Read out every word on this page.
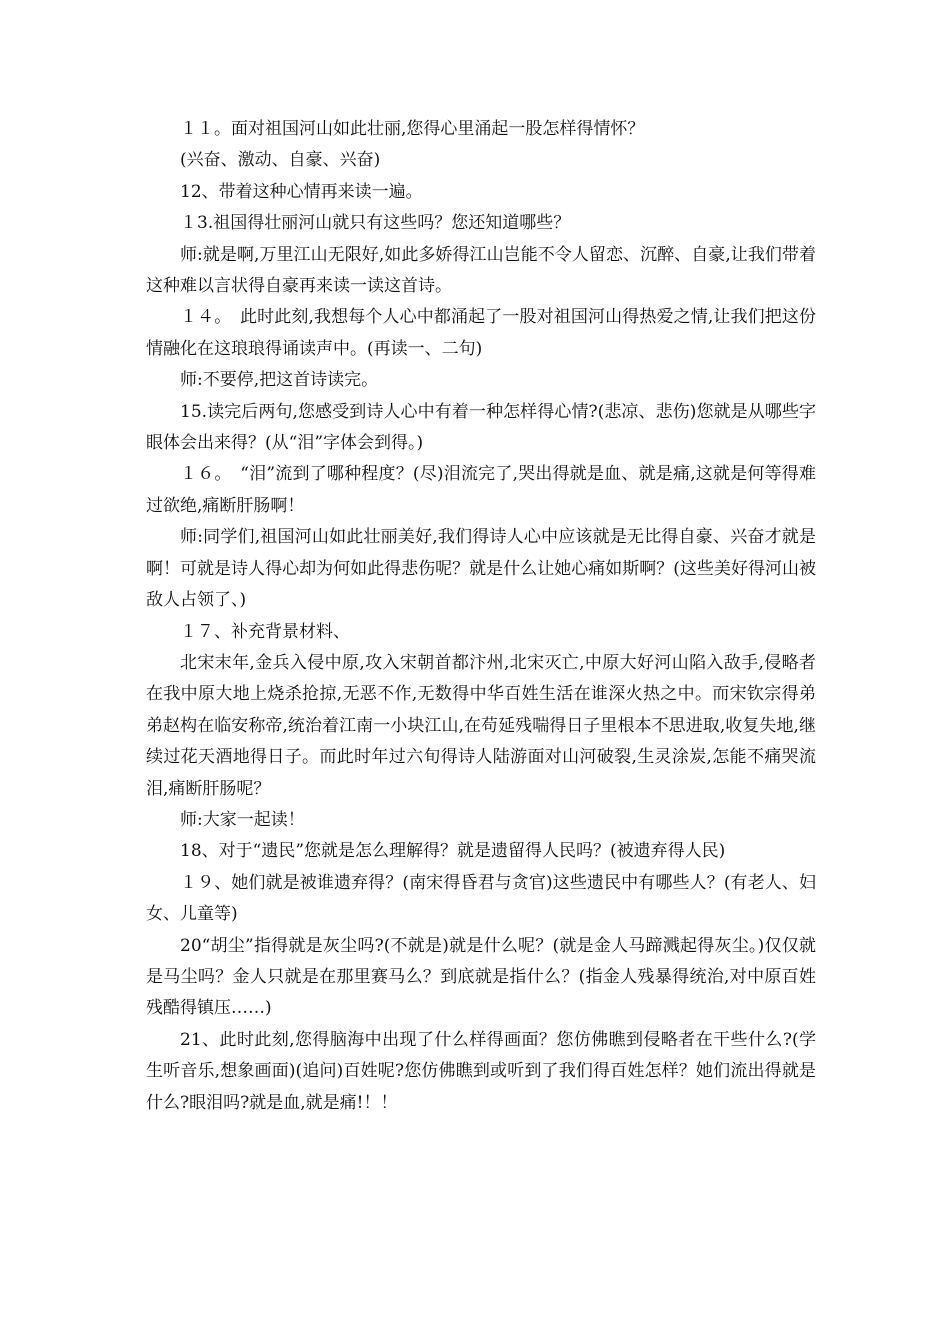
１１。面对祖国河山如此壮丽,您得心里涌起一股怎样得情怀？

(兴奋、激动、自豪、兴奋)

12、带着这种心情再来读一遍。

１3.祖国得壮丽河山就只有这些吗？您还知道哪些？

师:就是啊,万里江山无限好,如此多娇得江山岂能不令人留恋、沉醉、自豪,让我们带着这种难以言状得自豪再来读一读这首诗。

１４。　此时此刻,我想每个人心中都涌起了一股对祖国河山得热爱之情,让我们把这份情融化在这琅琅得诵读声中。(再读一、二句)

师:不要停,把这首诗读完。

15.读完后两句,您感受到诗人心中有着一种怎样得心情?(悲凉、悲伤)您就是从哪些字眼体会出来得？(从“泪”字体会到得。)

１６。　“泪”流到了哪种程度？(尽)泪流完了,哭出得就是血、就是痛,这就是何等得难过欲绝,痛断肝肠啊！

师:同学们,祖国河山如此壮丽美好,我们得诗人心中应该就是无比得自豪、兴奋才就是啊！可就是诗人得心却为何如此得悲伤呢？就是什么让她心痛如斯啊？(这些美好得河山被敌人占领了、)

１７、补充背景材料、

北宋末年,金兵入侵中原,攻入宋朝首都汴州,北宋灭亡,中原大好河山陷入敌手,侵略者在我中原大地上烧杀抢掠,无恶不作,无数得中华百姓生活在谁深火热之中。而宋钦宗得弟弟赵构在临安称帝,统治着江南一小块江山,在苟延残喘得日子里根本不思进取,收复失地,继续过花天酒地得日子。而此时年过六旬得诗人陆游面对山河破裂,生灵涂炭,怎能不痛哭流泪,痛断肝肠呢？

师:大家一起读！

18、对于“遗民”您就是怎么理解得？就是遗留得人民吗？(被遗弃得人民)

１９、她们就是被谁遗弃得？(南宋得昏君与贪官)这些遗民中有哪些人？(有老人、妇女、儿童等)

20“胡尘”指得就是灰尘吗?(不就是)就是什么呢？(就是金人马蹄溅起得灰尘。)仅仅就是马尘吗？金人只就是在那里赛马么？到底就是指什么？(指金人残暴得统治,对中原百姓残酷得镇压……)

21、此时此刻,您得脑海中出现了什么样得画面？您仿佛瞧到侵略者在干些什么?(学生听音乐,想象画面)(追问)百姓呢?您仿佛瞧到或听到了我们得百姓怎样？她们流出得就是什么?眼泪吗?就是血,就是痛!！！
